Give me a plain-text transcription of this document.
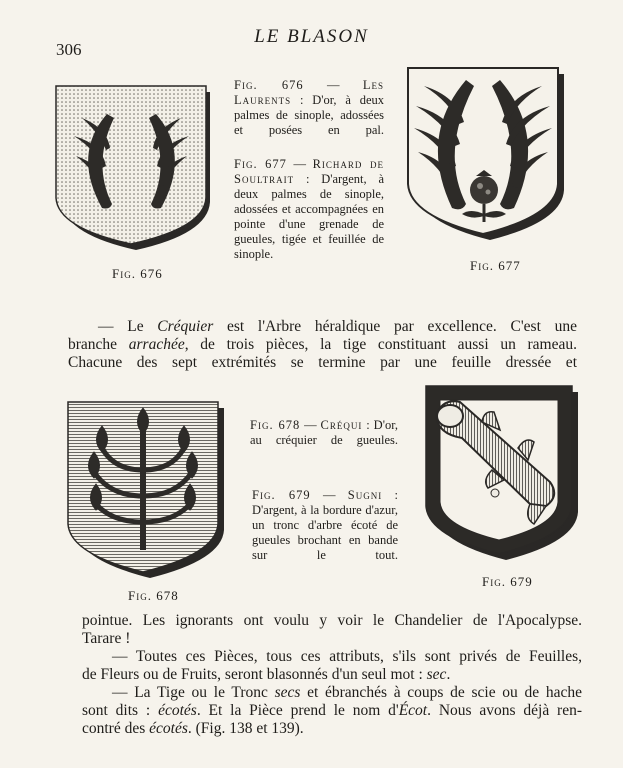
306
LE BLASON
Fig. 676
Fig. 676 — Les Laurents : D'or, à deux palmes de sinople, adossées et posées en pal.
Fig. 677 — Richard de Soultrait : D'argent, à deux palmes de sinople, adossées et accompagnées en pointe d'une grenade de gueules, tigée et feuillée de sinople.
Fig. 677
— Le Créquier est l'Arbre héraldique par excellence. C'est une
branche arrachée, de trois pièces, la tige constituant aussi un rameau.
Chacune des sept extrémités se termine par une feuille dressée et
Fig. 678
Fig. 678 — Créqui : D'or, au créquier de gueules.
Fig. 679 — Sugni : D'argent, à la bordure d'azur, un tronc d'arbre écoté de gueules brochant en bande sur le tout.
Fig. 679
pointue. Les ignorants ont voulu y voir le Chandelier de l'Apocalypse.
Tarare !
— Toutes ces Pièces, tous ces attributs, s'ils sont privés de Feuilles,
de Fleurs ou de Fruits, seront blasonnés d'un seul mot : sec.
— La Tige ou le Tronc secs et ébranchés à coups de scie ou de hache
sont dits : écotés. Et la Pièce prend le nom d'Écot. Nous avons déjà ren-
contré des écotés. (Fig. 138 et 139).
